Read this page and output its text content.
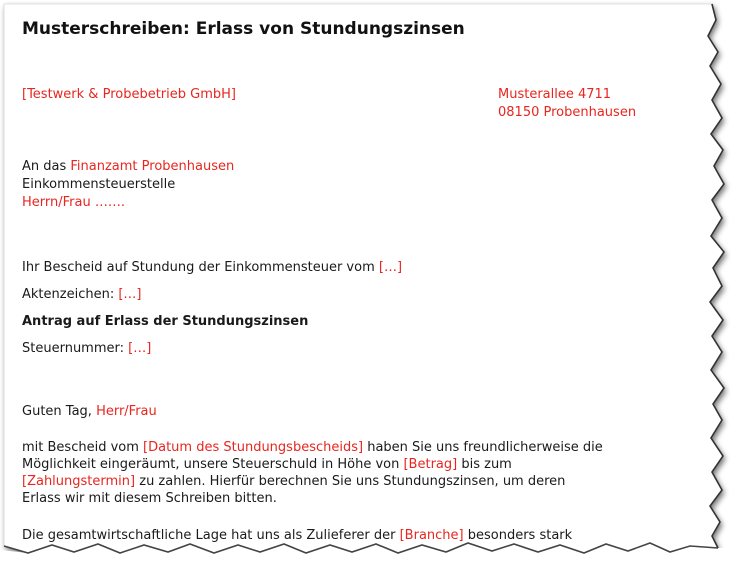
Musterschreiben: Erlass von Stundungszinsen
[Testwerk & Probebetrieb GmbH]	Musterallee 4711
08150 Probenhausen
An das Finanzamt Probenhausen
Einkommensteuerstelle
Herrn/Frau …….
Ihr Bescheid auf Stundung der Einkommensteuer vom […]
Aktenzeichen: […]
Antrag auf Erlass der Stundungszinsen
Steuernummer: […]
Guten Tag, Herr/Frau
mit Bescheid vom [Datum des Stundungsbescheids] haben Sie uns freundlicherweise die
Möglichkeit eingeräumt, unsere Steuerschuld in Höhe von [Betrag] bis zum
[Zahlungstermin] zu zahlen. Hierfür berechnen Sie uns Stundungszinsen, um deren
Erlass wir mit diesem Schreiben bitten.
Die gesamtwirtschaftliche Lage hat uns als Zulieferer der [Branche] besonders stark
